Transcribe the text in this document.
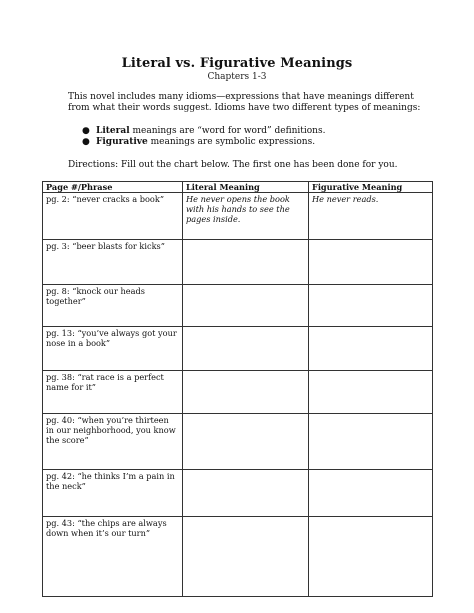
Literal vs. Figurative Meanings
Chapters 1-3
This novel includes many idioms—expressions that have meanings different from what their words suggest. Idioms have two different types of meanings:
● Literal meanings are “word for word” definitions.
● Figurative meanings are symbolic expressions.
Directions: Fill out the chart below. The first one has been done for you.
Page #/Phrase	Literal Meaning	Figurative Meaning
pg. 2: “never cracks a book”	He never opens the book with his hands to see the pages inside.	He never reads.
pg. 3: “beer blasts for kicks”		
pg. 8: “knock our heads together”		
pg. 13: “you’ve always got your nose in a book”		
pg. 38: “rat race is a perfect name for it”		
pg. 40: “when you’re thirteen in our neighborhood, you know the score”		
pg. 42: “he thinks I’m a pain in the neck”		
pg. 43: “the chips are always down when it’s our turn”		
